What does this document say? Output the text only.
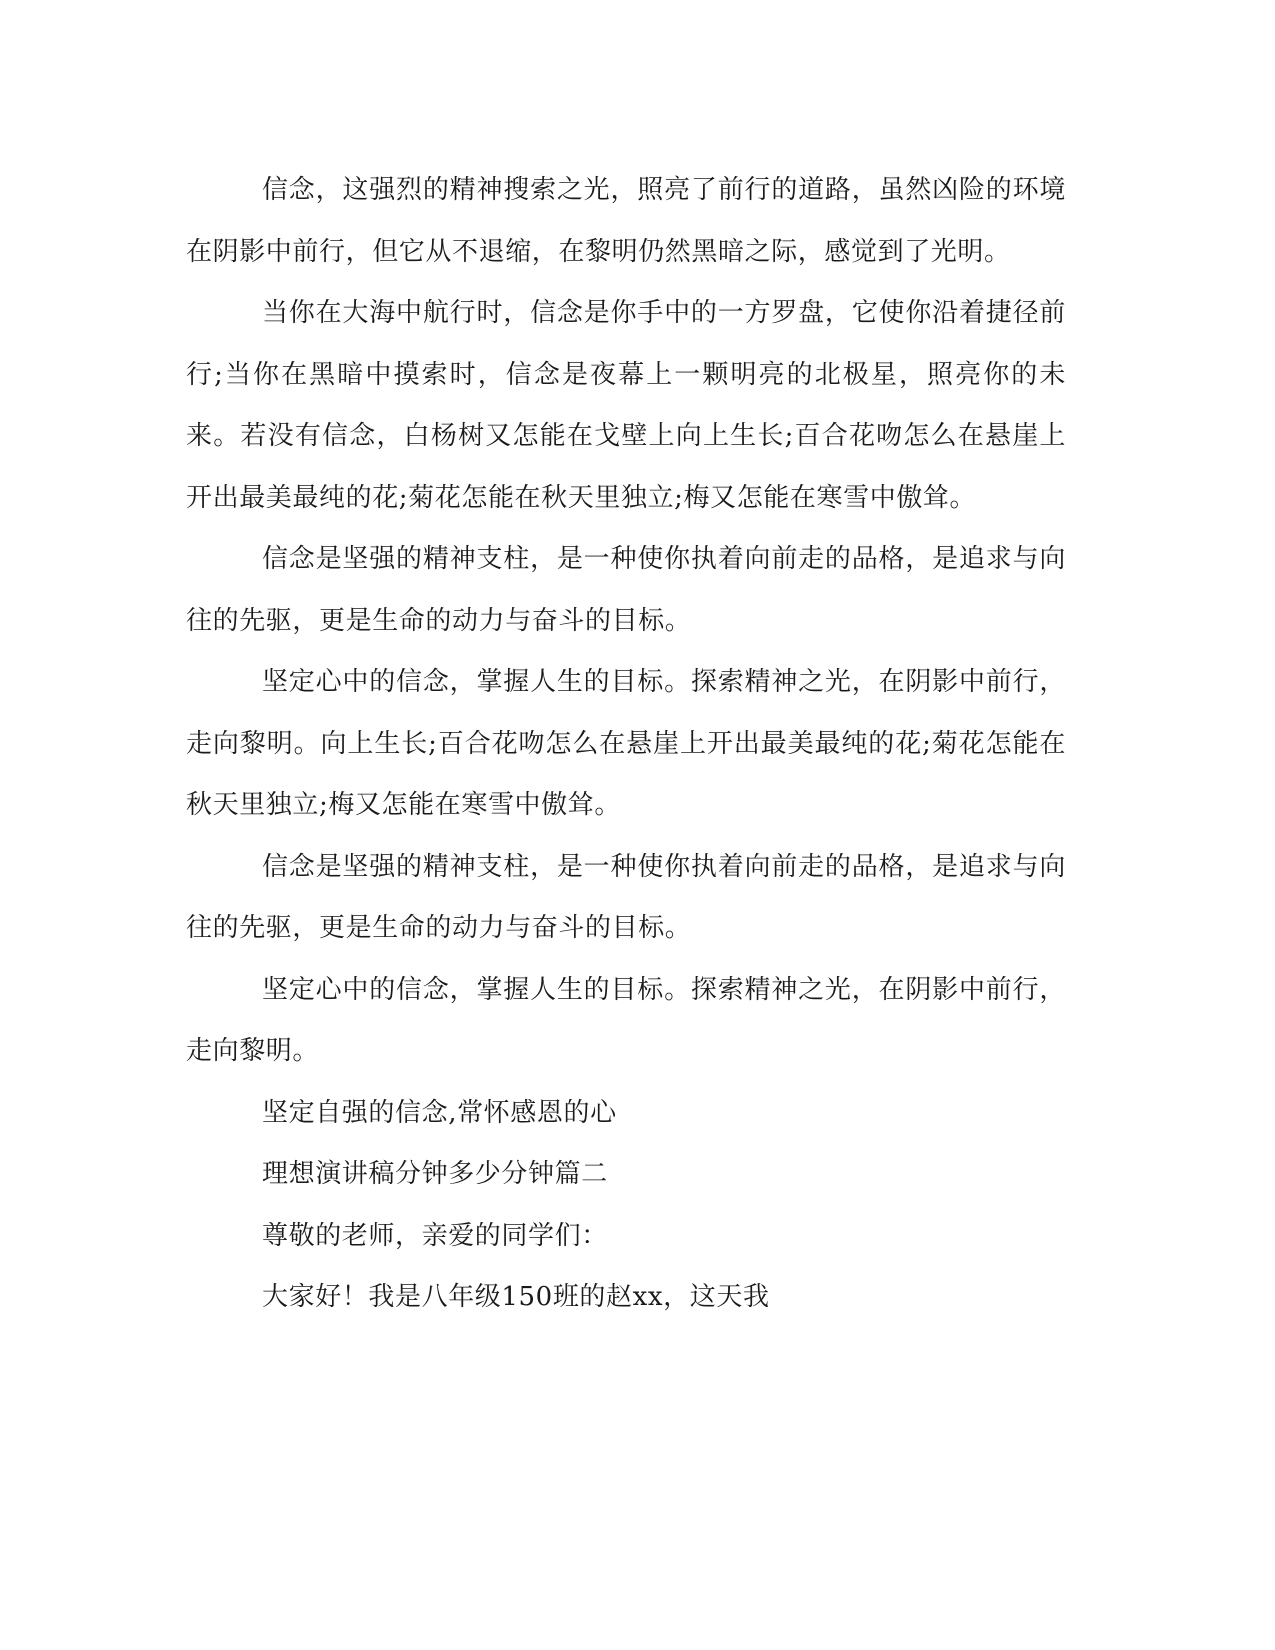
信念，这强烈的精神搜索之光，照亮了前行的道路，虽然凶险的环境在阴影中前行，但它从不退缩，在黎明仍然黑暗之际，感觉到了光明。

当你在大海中航行时，信念是你手中的一方罗盘，它使你沿着捷径前行;当你在黑暗中摸索时，信念是夜幕上一颗明亮的北极星，照亮你的未来。若没有信念，白杨树又怎能在戈壁上向上生长;百合花吻怎么在悬崖上开出最美最纯的花;菊花怎能在秋天里独立;梅又怎能在寒雪中傲耸。

信念是坚强的精神支柱，是一种使你执着向前走的品格，是追求与向往的先驱，更是生命的动力与奋斗的目标。

坚定心中的信念，掌握人生的目标。探索精神之光，在阴影中前行，走向黎明。向上生长;百合花吻怎么在悬崖上开出最美最纯的花;菊花怎能在秋天里独立;梅又怎能在寒雪中傲耸。

信念是坚强的精神支柱，是一种使你执着向前走的品格，是追求与向往的先驱，更是生命的动力与奋斗的目标。

坚定心中的信念，掌握人生的目标。探索精神之光，在阴影中前行，走向黎明。

坚定自强的信念,常怀感恩的心

理想演讲稿分钟多少分钟篇二

尊敬的老师，亲爱的同学们：

大家好！我是八年级150班的赵xx，这天我
